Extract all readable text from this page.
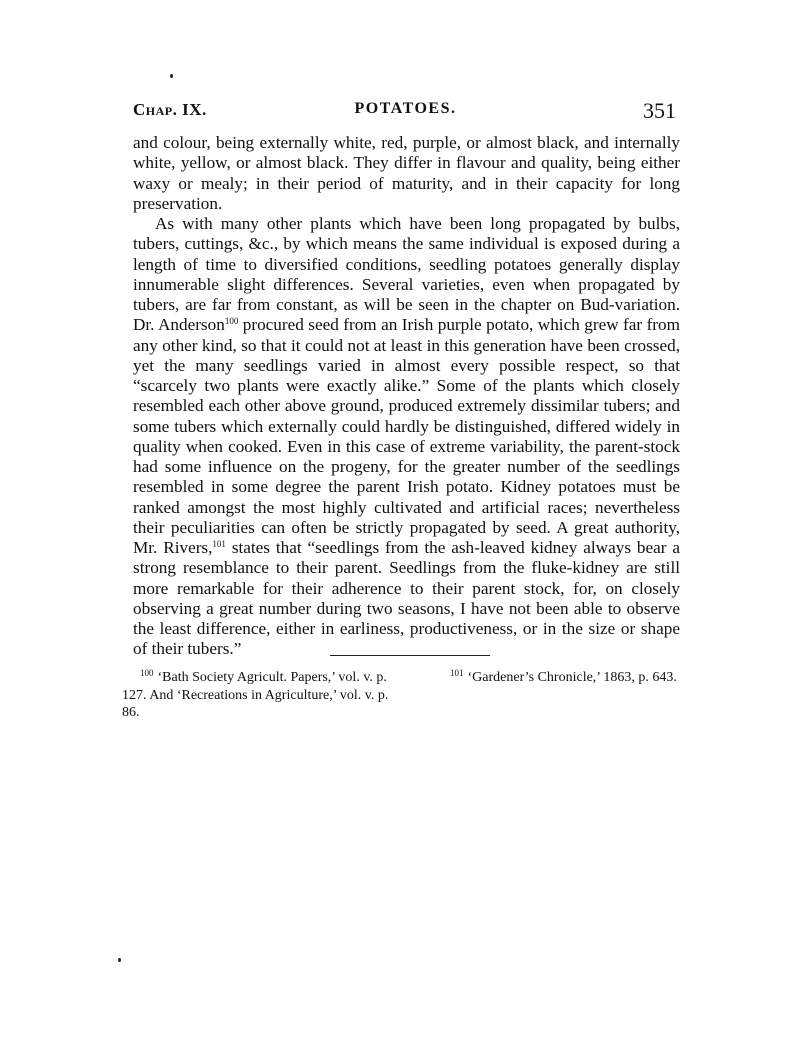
Chap. IX.	POTATOES.	351

and colour, being externally white, red, purple, or almost black, and internally white, yellow, or almost black. They differ in flavour and quality, being either waxy or mealy; in their period of maturity, and in their capacity for long preservation.

As with many other plants which have been long propagated by bulbs, tubers, cuttings, &c., by which means the same individual is exposed during a length of time to diversified conditions, seedling potatoes generally display innumerable slight differences. Several varieties, even when propagated by tubers, are far from constant, as will be seen in the chapter on Bud-variation. Dr. Anderson$^{100}$ procured seed from an Irish purple potato, which grew far from any other kind, so that it could not at least in this generation have been crossed, yet the many seedlings varied in almost every possible respect, so that “scarcely two plants were exactly alike.” Some of the plants which closely resembled each other above ground, produced extremely dissimilar tubers; and some tubers which externally could hardly be distinguished, differed widely in quality when cooked. Even in this case of extreme variability, the parent-stock had some influence on the progeny, for the greater number of the seedlings resembled in some degree the parent Irish potato. Kidney potatoes must be ranked amongst the most highly cultivated and artificial races; nevertheless their peculiarities can often be strictly propagated by seed. A great authority, Mr. Rivers,$^{101}$ states that “seedlings from the ash-leaved kidney always bear a strong resemblance to their parent. Seedlings from the fluke-kidney are still more remarkable for their adherence to their parent stock, for, on closely observing a great number during two seasons, I have not been able to observe the least difference, either in earliness, productiveness, or in the size or shape of their tubers.”

$^{100}$ ‘Bath Society Agricult. Papers,’ vol. v. p. 127. And ‘Recreations in Agriculture,’ vol. v. p. 86.
$^{101}$ ‘Gardener’s Chronicle,’ 1863, p. 643.
